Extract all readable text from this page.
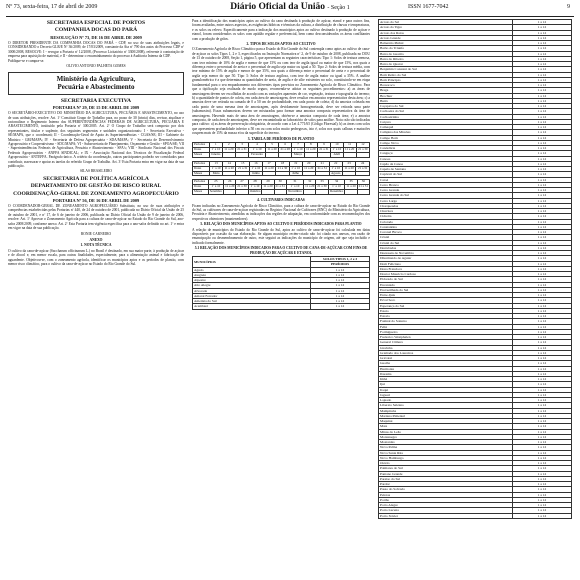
Nº 73, sexta-feira, 17 de abril de 2009	Diário Oficial da União - Seção 1	ISSN 1677-7042	9
SECRETARIA ESPECIAL DE PORTOS
COMPANHIA DOCAS DO PARÁ
RESOLUÇÃO Nº 73, DE 16 DE ABRIL DE 2009

O DIRETOR PRESIDENTE DA COMPANHIA DOCAS DO PARÁ - CDP, no uso de suas atribuições legais, e CONSIDERANDO o Decreto GLR/E Nº 36/2009, de 17/03/2009, constante da Ata nº 790 dos autos do Processo CDP nº 3000/2008, RESOLVE: I - revogar a Portaria nº 12/2008, (Processo Licitatório nº 3300/2008), referente à contratação de empresa para aquisição de material, e II - determinar o encaminhamento do processo à Auditoria Interna da CDP.

Publique-se e cumpra-se.

OLIVIO ANTONIO PALHETA GOMES
Ministério da Agricultura,
Pecuária e Abastecimento
SECRETARIA EXECUTIVA
PORTARIA Nº 29, DE 15 DE ABRIL DE 2009

O SECRETÁRIO-EXECUTIVO DO MINISTÉRIO DA AGRICULTURA, PECUÁRIA E ABASTECIMENTO, no uso de suas atribuições, resolve: Art. 1º Constituir Grupo de Trabalho para, no prazo de 30 (trinta) dias, revisar, atualizar e racionalizar o Regimento Interno das SUPERINTENDÊNCIAS FEDERAIS DE AGRICULTURA, PECUÁRIA E ABASTECIMENTO, instituído pela Portaria nº 300/2005. Art. 2º O Grupo de Trabalho será composto por dois representantes, titular e suplente, dos seguintes segmentos e unidades organizacionais: I - Secretaria Executiva - SE/MAPA, que o coordenará; II - Coordenação-Geral de Apoio às Superintendências - CGAS/SE; III - Gabinete do Ministro - GM/MAPA; IV - Secretaria de Defesa Agropecuária - SDA/MAPA; V - Secretaria de Desenvolvimento Agropecuário e Cooperativismo - SDC/MAPA; VI - Subsecretaria de Planejamento, Orçamento e Gestão - SPOA/SE; VII - Superintendências Federais de Agricultura, Pecuária e Abastecimento - SFA's; VIII - Sindicato Nacional dos Fiscais Federais Agropecuários - ANFFA SINDICAL; e IX - Associação Nacional dos Técnicos de Fiscalização Federal Agropecuária - ANTEFFA. Parágrafo único. A critério da coordenação, outros participantes poderão ser convidados para contribuir, assessorar e apoiar as tarefas do referido Grupo de Trabalho. Art. 3º Esta Portaria entra em vigor na data de sua publicação.

SILAS BRASILEIRO
SECRETARIA DE POLÍTICA AGRÍCOLA
DEPARTAMENTO DE GESTÃO DE RISCO RURAL
COORDENAÇÃO-GERAL DE ZONEAMENTO AGROPECUÁRIO
PORTARIA Nº 56, DE 16 DE ABRIL DE 2009

O COORDENADOR-GERAL DE ZONEAMENTO AGROPECUÁRIO Substituto, no uso de suas atribuições e competências estabelecidas pelas Portarias nº 440, de 24 de outubro de 2001, publicada no Diário Oficial da União de 25 de outubro de 2001, e nº 17, de 6 de janeiro de 2006, publicada no Diário Oficial da União de 9 de janeiro de 2006, resolve: Art. 1º Aprovar o Zoneamento Agrícola para a cultura de cana-de-açúcar no Estado do Rio Grande do Sul, ano-safra 2008/2009, conforme anexo. Art. 2º Esta Portaria tem vigência específica para o ano-safra definido no art. 1º e entra em vigor na data de sua publicação.

RONIE CARNEIRO
ANEXO
1. NOTA TÉCNICA

O cultivo da cana-de-açúcar (Saccharum officinarum L.) no Brasil é destinado, em sua maior parte, à produção de açúcar e de álcool e, em menor escala, para outras finalidades, especialmente, para a alimentação animal e fabricação de aguardente. Objetivou-se, com o zoneamento agrícola, identificar os municípios aptos e os períodos de plantio, com menor risco climático, para o cultivo da cana-de-açúcar no Estado do Rio Grande do Sul.

Para a identificação dos municípios aptos ao cultivo da cana destinada à produção de açúcar, etanol e para outros fins, foram avaliadas, entre outros aspectos, as exigências hídricas e térmicas da cultura, a distribuição de chuvas e temperaturas, e os solos ou relevo. Especificamente para a indicação dos municípios aptos ao cultivo destinado à produção de açúcar e etanol, foram considerados os solos com aptidão regular e preferencial, bem como desconsiderados os áreas conflitantes com a produção de grãos.

2. TIPOS DE SOLOS APTOS AO CULTIVO

O Zoneamento Agrícola de Risco Climático para a Estado do Rio Grande do Sul contempla como aptos ao cultivo de cana-de-açúcar os solos Tipos 1, 2 e 3, especificados na Instrução Normativa nº 2, de 9 de outubro de 2008, publicada no DOU de 13 de outubro de 2008, Seção 1, página 5, que apresentam as seguintes características: Tipo 1: Solos de textura arenosa, com teor mínimo de 10% de argila e menor de que 15% ou com teor de argila igual ou maior de que 15%, nos quais a diferença entre o percentual de areia e o percentual de argila seja maior ou igual a 50. Tipo 2: Solos de textura média, com teor mínimo de 15% de argila e menor de que 35%, nos quais a diferença entre o percentual de areia e o percentual de argila seja menor do que 50. Tipo 3: Solos de textura argilosa, com teor de argila maior ou igual a 35%. A análise granulométrica é a que determina as quantidades de areia, de argila e de silte existentes no solo, constituindo-se em etapa fundamental para o seu enquadramento nos diferentes tipos previstos no Zoneamento Agrícola de Risco Climático. Para que a tipificação seja realizada de modo seguro, recomenda-se adotar os seguintes procedimentos: a) as áreas de amostragem devem ser escolhidas de acordo com as variações aparentes de cor, vegetação, textura e topografia do terreno; b) a quantidade de pontos de coleta, em cada área de amostragem, deve resultar em amostra representativa desta área; c) a amostra deve ser retirada na camada de 0 a 50 cm de profundidade, em cada ponto de coleta; d) da amostra coletada em cada ponto de uma mesma área de amostragem, após devidamente homogeneizada, deve ser retirada uma parte (subamostra). Essas subamostras devem ser misturadas para formar uma amostra composta representativa da área de amostragem. Havendo mais de uma área de amostragem, obtém-se a amostra composta de cada área; e) a amostra composta, de cada área de amostragem, deve ser encaminhada ao laboratório de solos para análise. Nota: não são indicadas para cultivo: a) as áreas de preservação obrigatória, de acordo com a Lei 4.771/65 (Código Florestal); b) as áreas com solos que apresentem profundidade inferior a 50 cm ou com solos muito pedregosos, isto é, solos nos quais calhaus e matacões ocupem mais de 15% da massa e/ou da superfície do terreno.

3. TABELA DE PERÍODOS DE PLANTIO
Períodos	1	2	3	4	5	6	7	8	9	10	11	12
Datas	1º a 10	11 a 20	21 a 31	1º a 10	11 a 20	21 a 28	1º a 10	11 a 20	21 a 31	1º a 10	11 a 20	21 a 30
Meses	Janeiro			Fevereiro			Março			Abril		
Períodos	13	14	15	16	17	18	19	20	21	22	23	24
Datas	1º a 10	11 a 20	21 a 31	1º a 10	11 a 20	21 a 30	1º a 10	11 a 20	21 a 31	1º a 10	11 a 20	21 a 31
Meses	Maio			Junho			Julho			Agosto		
Períodos	25	26	27	28	29	30	31	32	33	34	35	36
Datas	1º a 10	11 a 20	21 a 30	1º a 10	11 a 20	21 a 31	1º a 10	11 a 20	21 a 30	1º a 10	11 a 20	21 a 31
Meses	Setembro			Outubro			Novembro			Dezembro		
4. CULTIVARES INDICADAS

Ficam indicadas no Zoneamento Agrícola de Risco Climático, para a cultura de cana-de-açúcar no Estado do Rio Grande do Sul, as cultivares de cana-de-açúcar registradas no Registro Nacional de Cultivares (RNC) do Ministério da Agricultura, Pecuária e Abastecimento, atendidas as indicações das regiões de adaptação, em conformidade com as recomendações dos respectivos obtentores (mantenedores).

5. RELAÇÃO DOS MUNICÍPIOS APTOS AO CULTIVO E PERÍODOS INDICADOS PARA PLANTIO

A relação de municípios do Estado do Rio Grande do Sul, aptos ao cultivo de cana-de-açúcar foi calculada em datas disponíveis por ocasião da sua elaboração. Se algum município recém-criado não foi citado nos anexos, em razão de emancipação ou desmembramento de outro, este seguirá as indicações do município de origem, até que seja incluído e indicado formalmente.

5.1 RELAÇÃO DOS MUNICÍPIOS INDICADOS PARA O CULTIVO DE CANA-DE-AÇÚCAR COM FINS DE PRODUÇÃO DE AÇÚCAR E ETANOL
MUNICÍPIOS	SOLOS TIPOS 1, 2 e 3
	PERÍODOS
Agudo	1 a 12
Alegrete	1 a 12
Alpestre	1 a 12
Alto Alegre	1 a 12
Alvorada	1 a 12
Amaral Ferrador	1 a 12
Ametista do Sul	1 a 12
Arambaré	1 a 12
Arroio do Sal	1 a 12
Arroio do Tigre	1 a 12
Arroio dos Ratos	1 a 12
Arroio Grande	1 a 12
Balneário Pinhal	1 a 12
Barão do Triunfo	1 a 12
Barra do Guarita	1 a 12
Barra do Ribeiro	1 a 12
Barra do Quaraí	1 a 12
Benjamin Constant do Sul	1 a 12
Bom Retiro do Sul	1 a 12
Bom Princípio	1 a 12
Bossoroca	1 a 12
Braga	1 a 12
Brochier	1 a 12
Butiá	1 a 12
Caçapava do Sul	1 a 12
Cachoeira do Sul	1 a 12
Cachoeirinha	1 a 12
Caiçara	1 a 12
Camaquã	1 a 12
Campina das Missões	1 a 12
Campo Bom	1 a 12
Campo Novo	1 a 12
Candelária	1 a 12
Canguçu	1 a 12
Canoas	1 a 12
Capão da Canoa	1 a 12
Capela de Santana	1 a 12
Capivari do Sul	1 a 12
Caraá	1 a 12
Cerro Branco	1 a 12
Cerro Grande	1 a 12
Cerro Grande do Sul	1 a 12
Cerro Largo	1 a 12
Charqueadas	1 a 12
Chuvisca	1 a 12
Cidreira	1 a 12
Colorado	1 a 12
Constantina	1 a 12
Coronel Bicaco	1 a 12
Cristal	1 a 12
Cristal do Sul	1 a 12
Derrubadas	1 a 12
Dezesseis de Novembro	1 a 12
Dilermando de Aguiar	1 a 12
Dom Feliciano	1 a 12
Dona Francisca	1 a 12
Doutor Maurício Cardoso	1 a 12
Eldorado do Sul	1 a 12
Encantado	1 a 12
Encruzilhada do Sul	1 a 12
Entre-Ijuís	1 a 12
Erval Seco	1 a 12
Esperança do Sul	1 a 12
Esteio	1 a 12
Estrela	1 a 12
Faxinal do Soturno	1 a 12
Feliz	1 a 12
Formigueiro	1 a 12
Frederico Westphalen	1 a 12
General Câmara	1 a 12
Glorinha	1 a 12
Gramado dos Loureiros	1 a 12
Gravataí	1 a 12
Guaíba	1 a 12
Harmonia	1 a 12
Ibarama	1 a 12
Imbé	1 a 12
Ijuí	1 a 12
Itaqui	1 a 12
Jaguari	1 a 12
Lajeado	1 a 12
Liberato Salzano	1 a 12
Mampituba	1 a 12
Mariana Pimentel	1 a 12
Maquiné	1 a 12
Mata	1 a 12
Minas do Leão	1 a 12
Montenegro	1 a 12
Mostardas	1 a 12
Nova Palma	1 a 12
Nova Santa Rita	1 a 12
Novo Hamburgo	1 a 12
Osório	1 a 12
Palmares do Sul	1 a 12
Pantano Grande	1 a 12
Paraíso do Sul	1 a 12
Parobé	1 a 12
Passo do Sobrado	1 a 12
Pelotas	1 a 12
Portão	1 a 12
Porto Alegre	1 a 12
Porto Lucena	1 a 12
Porto Xavier	1 a 12
